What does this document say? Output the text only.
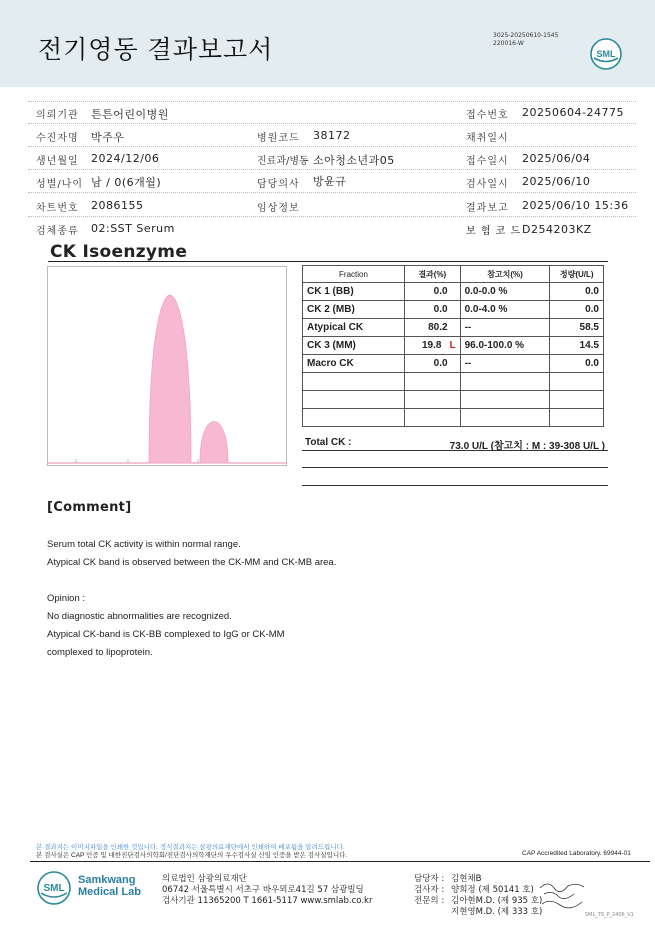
전기영동 결과보고서	3025-20250610-1545
220016-W
SML
의뢰기관 튼튼어린이병원	접수번호 20250604-24775
수진자명 박주우	병원코드 38172	채취일시
생년월일 2024/12/06	진료과/병동 소아청소년과05	접수일시 2025/06/04
성별/나이 남 / 0(6개월)	담당의사 방윤규	검사일시 2025/06/10
차트번호 2086155	임상정보	결과보고 2025/06/10 15:36
검체종류 02:SST Serum	보 험 코 드 D254203KZ
CK Isoenzyme
Fraction	결과(%)	참고치(%)	정량(U/L)
CK 1 (BB)	0.0	0.0-0.0 %	0.0
CK 2 (MB)	0.0	0.0-4.0 %	0.0
Atypical CK	80.2	--	58.5
CK 3 (MM)	19.8 L	96.0-100.0 %	14.5
Macro CK	0.0	--	0.0

Total CK :	73.0 U/L (참고치 : M : 39-308 U/L )
[Comment]
Serum total CK activity is within normal range.
Atypical CK band is observed between the CK-MM and CK-MB area.
Opinion :
No diagnostic abnormalities are recognized.
Atypical CK-band is CK-BB complexed to IgG or CK-MM
complexed to lipoprotein.
본 결과지는 이미지파일을 인쇄한 것입니다. 정식결과지는 삼광의료재단에서 인쇄하여 배포됨을 알려드립니다.
본 검사실은 CAP 인증 및 대한진단검사의학회/진단검사의학재단의 우수검사실 신임 인증을 받은 검사실입니다.	CAP Accredited Laboratory. 69944-01
SML
Samkwang
Medical Lab
의료법인 삼광의료재단
06742 서울특별시 서초구 바우뫼로41길 57 삼광빌딩
검사기관 11365200 T 1661-5117 www.smlab.co.kr
담당자 : 김현채B
검사자 : 양희정 (제 50141 호)
전문의 : 김아현M.D. (제 935 호)
지현영M.D. (제 333 호)	SML_TS_P_2406_V1
